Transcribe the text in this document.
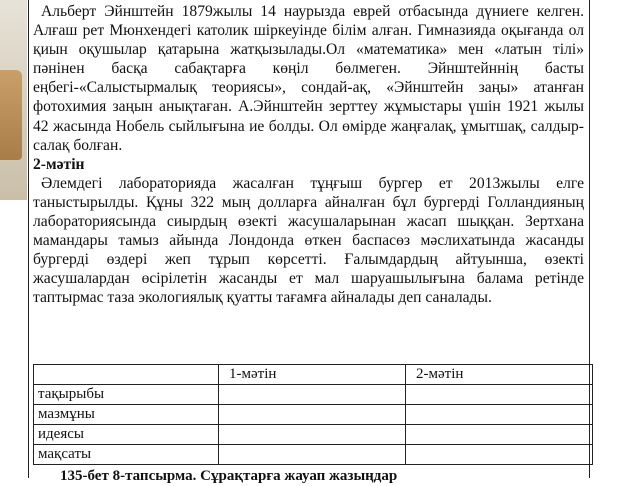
Альберт Эйнштейн 1879жылы 14 наурызда еврей отбасында дүниеге келген. Алғаш рет Мюнхендегі католик шіркеуінде білім алған. Гимназияда оқығанда ол қиын оқушылар қатарына жатқызылады.Ол «математика» мен «латын тілі» пәнінен басқа сабақтарға көңіл бөлмеген. Эйнштейннің басты еңбегі-«Салыстырмалық теориясы», сондай-ақ, «Эйнштейн заңы» атанған фотохимия заңын анықтаған. А.Эйнштейн зерттеу жұмыстары үшін 1921 жылы 42 жасында Нобель сыйлығына ие болды. Ол өмірде жаңғалақ, ұмытшақ, салдыр-салақ болған.

2-мәтін

Әлемдегі лабораторияда жасалған тұңғыш бургер ет 2013жылы елге таныстырылды. Құны 322 мың долларға айналған бұл бургерді Голландияның лабораториясында сиырдың өзекті жасушаларынан жасап шыққан. Зертхана мамандары тамыз айында Лондонда өткен баспасөз мәслихатында жасанды бургерді өздері жеп тұрып көрсетті. Ғалымдардың айтуынша, өзекті жасушалардан өсірілетін жасанды ет мал шаруашылығына балама ретінде таптырмас таза экологиялық қуатты тағамға айналады деп саналады.

	1-мәтін	2-мәтін
тақырыбы		
мазмұны		
идеясы		
мақсаты		
135-бет 8-тапсырма. Сұрақтарға жауап жазыңдар
